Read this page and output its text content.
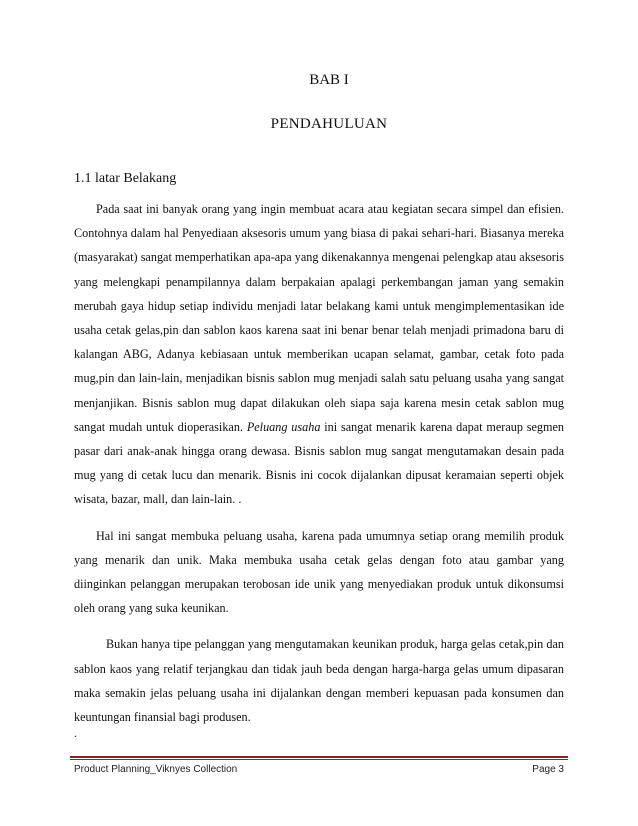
BAB I
PENDAHULUAN
1.1 latar Belakang

Pada saat ini banyak orang yang ingin membuat acara atau kegiatan secara simpel dan efisien. Contohnya dalam hal Penyediaan aksesoris umum yang biasa di pakai sehari-hari. Biasanya mereka (masyarakat) sangat memperhatikan apa-apa yang dikenakannya mengenai pelengkap atau aksesoris yang melengkapi penampilannya dalam berpakaian apalagi perkembangan jaman yang semakin merubah gaya hidup setiap individu menjadi latar belakang kami untuk mengimplementasikan ide usaha cetak gelas,pin dan sablon kaos karena saat ini benar benar telah menjadi primadona baru di kalangan ABG, Adanya kebiasaan untuk memberikan ucapan selamat, gambar, cetak foto pada mug,pin dan lain-lain, menjadikan bisnis sablon mug menjadi salah satu peluang usaha yang sangat menjanjikan. Bisnis sablon mug dapat dilakukan oleh siapa saja karena mesin cetak sablon mug sangat mudah untuk dioperasikan. Peluang usaha ini sangat menarik karena dapat meraup segmen pasar dari anak-anak hingga orang dewasa. Bisnis sablon mug sangat mengutamakan desain pada mug yang di cetak lucu dan menarik. Bisnis ini cocok dijalankan dipusat keramaian seperti objek wisata, bazar, mall, dan lain-lain. .

Hal ini sangat membuka peluang usaha, karena pada umumnya setiap orang memilih produk yang menarik dan unik. Maka membuka usaha cetak gelas dengan foto atau gambar yang diinginkan pelanggan merupakan terobosan ide unik yang menyediakan produk untuk dikonsumsi oleh orang yang suka keunikan.

Bukan hanya tipe pelanggan yang mengutamakan keunikan produk, harga gelas cetak,pin dan sablon kaos yang relatif terjangkau dan tidak jauh beda dengan harga-harga gelas umum dipasaran maka semakin jelas peluang usaha ini dijalankan dengan memberi kepuasan pada konsumen dan keuntungan finansial bagi produsen.

.
Product Planning_Viknyes Collection	Page 3
